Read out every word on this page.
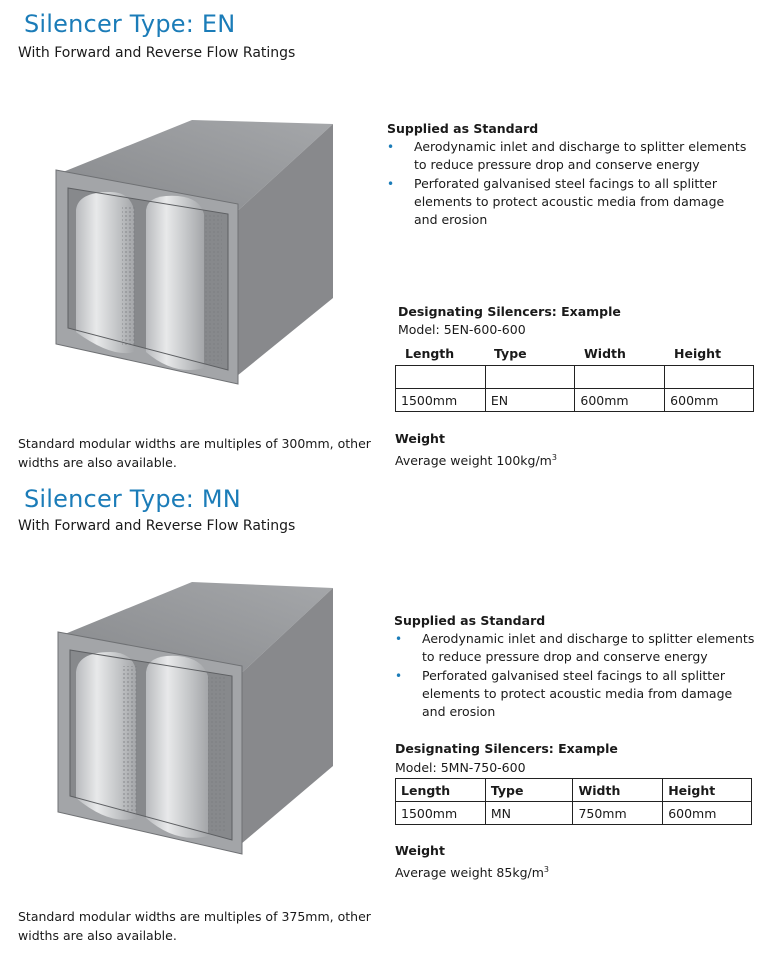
Silencer Type: EN
With Forward and Reverse Flow Ratings
Supplied as Standard
• Aerodynamic inlet and discharge to splitter elements
to reduce pressure drop and conserve energy
• Perforated galvanised steel facings to all splitter
elements to protect acoustic media from damage
and erosion
Designating Silencers: Example
Model: 5EN-600-600
Length	Type	Width	Height

1500mm	EN	600mm	600mm
Weight
Average weight $100kg/m^3$
Standard modular widths are multiples of 300mm, other
widths are also available.
Silencer Type: MN
With Forward and Reverse Flow Ratings
Supplied as Standard
• Aerodynamic inlet and discharge to splitter elements
to reduce pressure drop and conserve energy
• Perforated galvanised steel facings to all splitter
elements to protect acoustic media from damage
and erosion
Designating Silencers: Example
Model: 5MN-750-600
Length	Type	Width	Height
1500mm	MN	750mm	600mm
Weight
Average weight $85kg/m^3$
Standard modular widths are multiples of 375mm, other
widths are also available.
